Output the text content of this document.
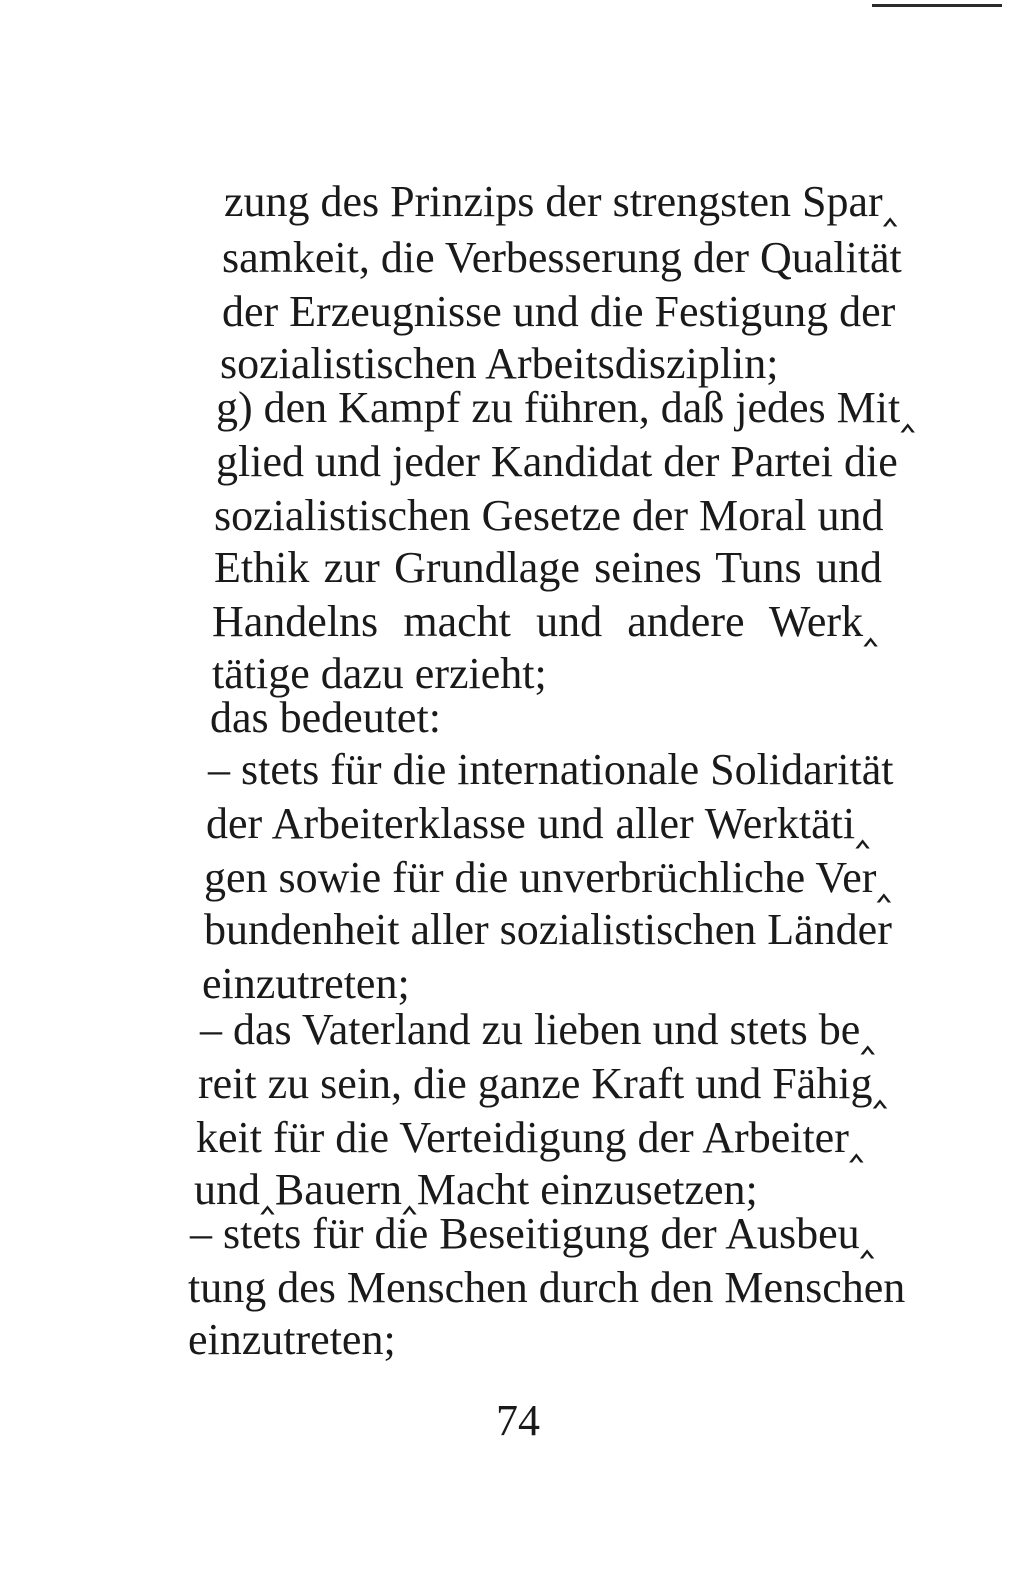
zung des Prinzips der strengsten Spar‸
samkeit, die Verbesserung der Qualität
der Erzeugnisse und die Festigung der
sozialistischen Arbeitsdisziplin;
g) den Kampf zu führen, daß jedes Mit‸
glied und jeder Kandidat der Partei die
sozialistischen Gesetze der Moral und
Ethik zur Grundlage seines Tuns und
Handelns macht und andere Werk‸
tätige dazu erzieht;
das bedeutet:
– stets für die internationale Solidarität
der Arbeiterklasse und aller Werktäti‸
gen sowie für die unverbrüchliche Ver‸
bundenheit aller sozialistischen Länder
einzutreten;
– das Vaterland zu lieben und stets be‸
reit zu sein, die ganze Kraft und Fähig‸
keit für die Verteidigung der Arbeiter‸
und‸Bauern‸Macht einzusetzen;
– stets für die Beseitigung der Ausbeu‸
tung des Menschen durch den Menschen
einzutreten;
74
